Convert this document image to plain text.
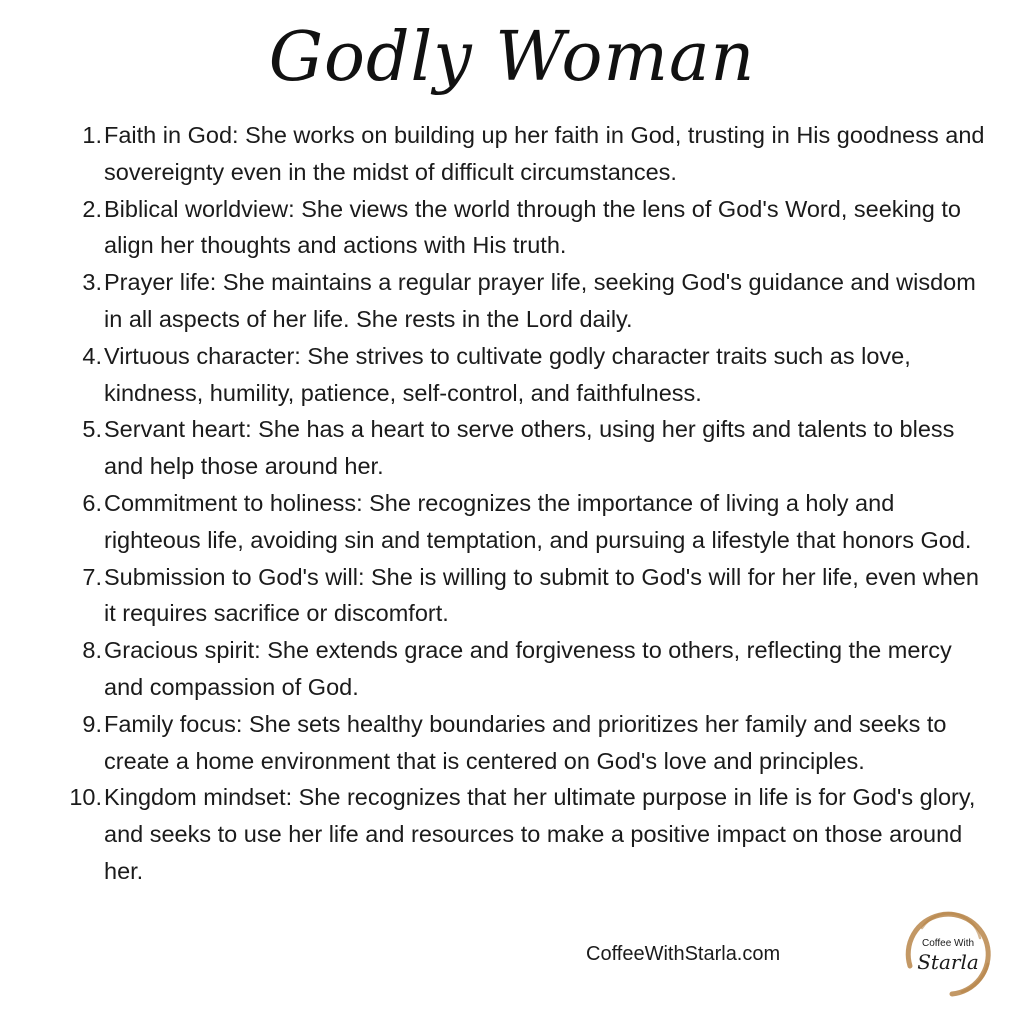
Godly Woman
1. Faith in God: She works on building up her faith in God, trusting in His goodness and sovereignty even in the midst of difficult circumstances.
2. Biblical worldview: She views the world through the lens of God's Word, seeking to align her thoughts and actions with His truth.
3. Prayer life: She maintains a regular prayer life, seeking God's guidance and wisdom in all aspects of her life. She rests in the Lord daily.
4. Virtuous character: She strives to cultivate godly character traits such as love, kindness, humility, patience, self-control, and faithfulness.
5. Servant heart: She has a heart to serve others, using her gifts and talents to bless and help those around her.
6. Commitment to holiness: She recognizes the importance of living a holy and righteous life, avoiding sin and temptation, and pursuing a lifestyle that honors God.
7. Submission to God's will: She is willing to submit to God's will for her life, even when it requires sacrifice or discomfort.
8. Gracious spirit: She extends grace and forgiveness to others, reflecting the mercy and compassion of God.
9. Family focus: She sets healthy boundaries and prioritizes her family and seeks to create a home environment that is centered on God's love and principles.
10. Kingdom mindset: She recognizes that her ultimate purpose in life is for God's glory, and seeks to use her life and resources to make a positive impact on those around her.
CoffeeWithStarla.com	Coffee With
Starla
